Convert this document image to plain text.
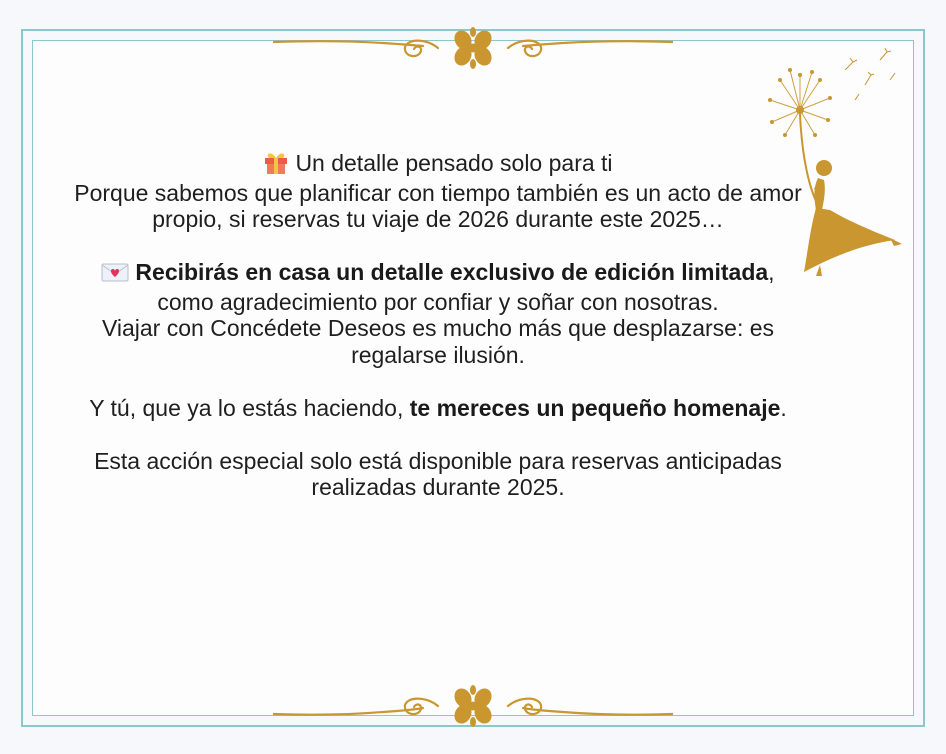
Un detalle pensado solo para ti

Porque sabemos que planificar con tiempo también es un acto de amor propio, si reservas tu viaje de 2026 durante este 2025…

Recibirás en casa un detalle exclusivo de edición limitada, como agradecimiento por confiar y soñar con nosotras.

Viajar con Concédete Deseos es mucho más que desplazarse: es regalarse ilusión.

Y tú, que ya lo estás haciendo, te mereces un pequeño homenaje.

Esta acción especial solo está disponible para reservas anticipadas realizadas durante 2025.
